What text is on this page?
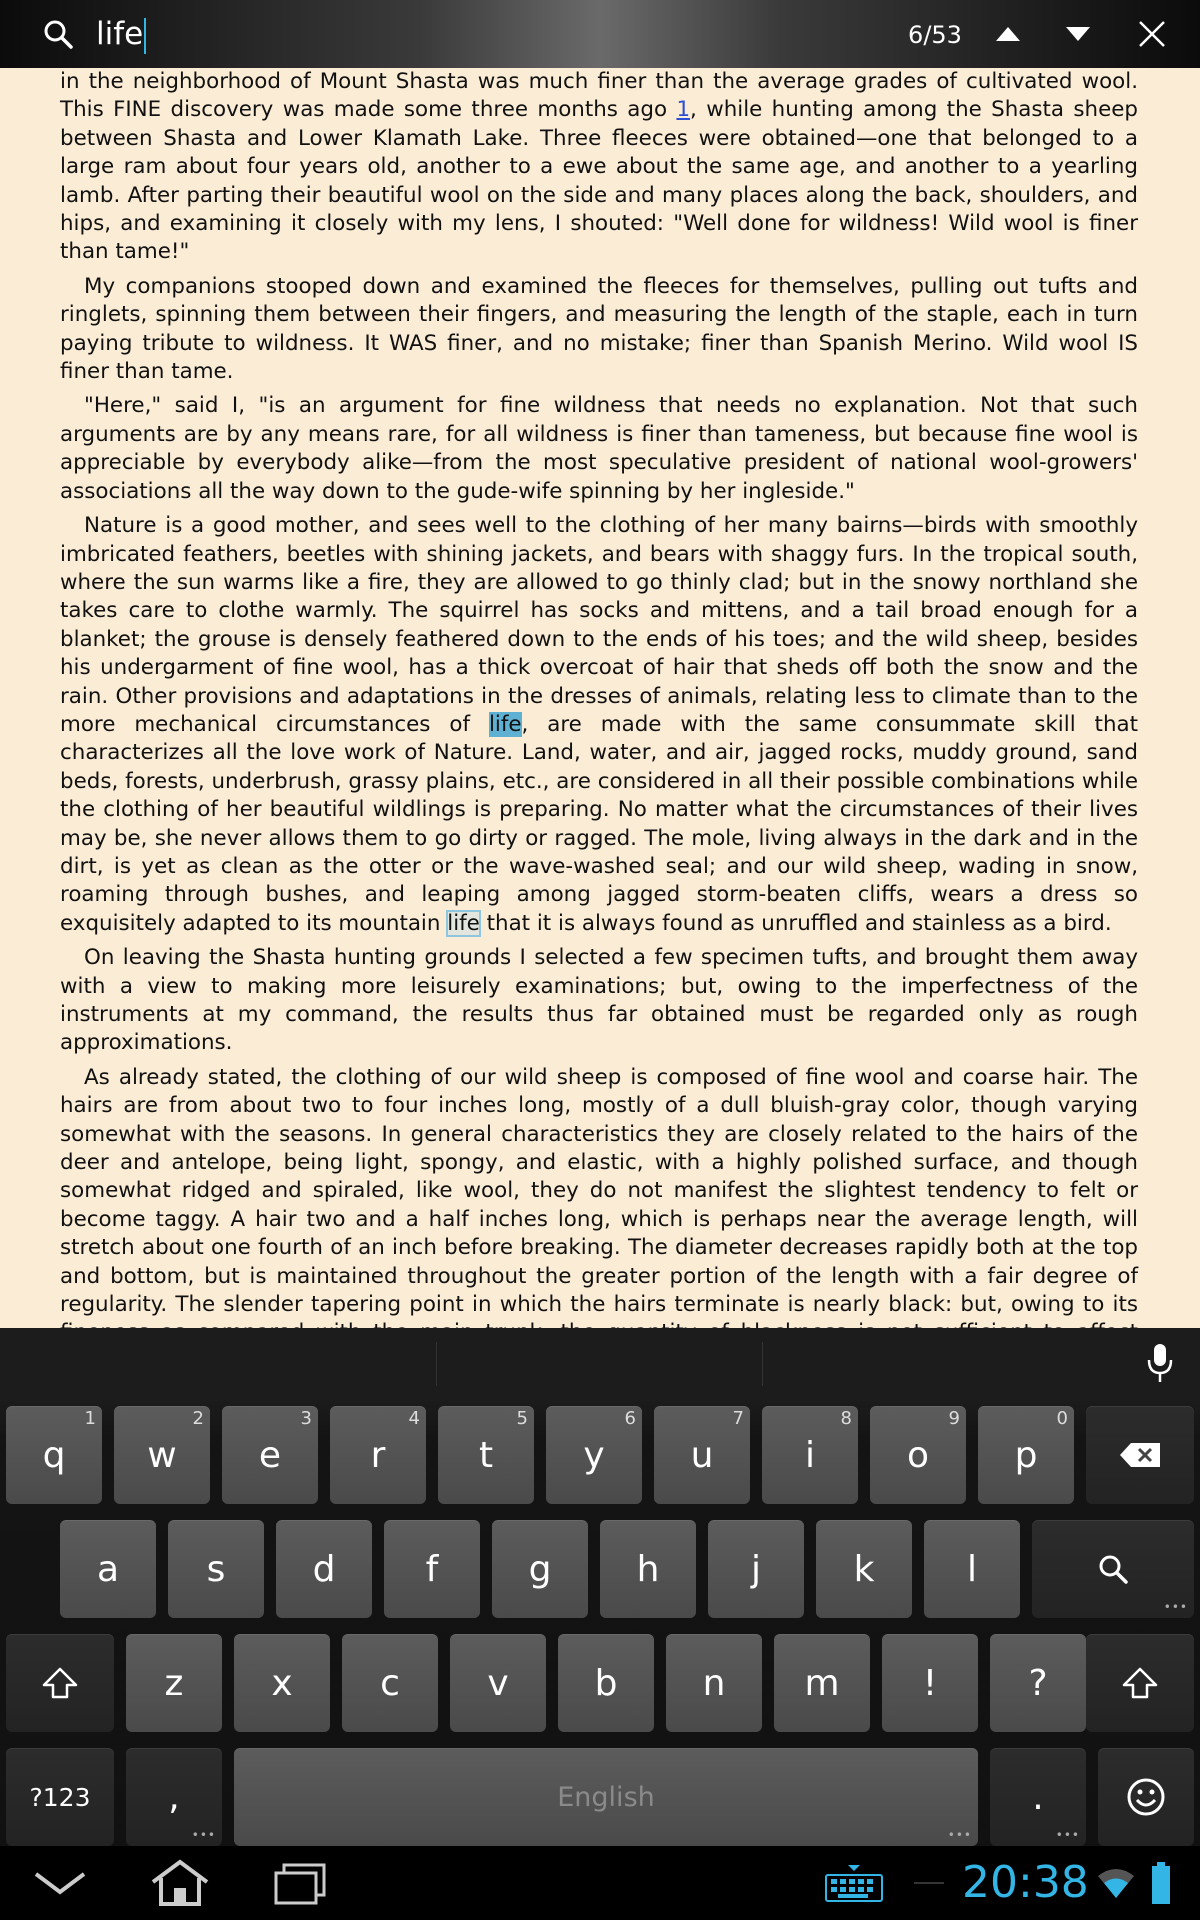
life	6/53

in the neighborhood of Mount Shasta was much finer than the average grades of cultivated wool. This FINE discovery was made some three months ago 1, while hunting among the Shasta sheep between Shasta and Lower Klamath Lake. Three fleeces were obtained—one that belonged to a large ram about four years old, another to a ewe about the same age, and another to a yearling lamb. After parting their beautiful wool on the side and many places along the back, shoulders, and hips, and examining it closely with my lens, I shouted: "Well done for wildness! Wild wool is finer than tame!"

My companions stooped down and examined the fleeces for themselves, pulling out tufts and ringlets, spinning them between their fingers, and measuring the length of the staple, each in turn paying tribute to wildness. It WAS finer, and no mistake; finer than Spanish Merino. Wild wool IS finer than tame.

"Here," said I, "is an argument for fine wildness that needs no explanation. Not that such arguments are by any means rare, for all wildness is finer than tameness, but because fine wool is appreciable by everybody alike—from the most speculative president of national wool-growers' associations all the way down to the gude-wife spinning by her ingleside."

Nature is a good mother, and sees well to the clothing of her many bairns—birds with smoothly imbricated feathers, beetles with shining jackets, and bears with shaggy furs. In the tropical south, where the sun warms like a fire, they are allowed to go thinly clad; but in the snowy northland she takes care to clothe warmly. The squirrel has socks and mittens, and a tail broad enough for a blanket; the grouse is densely feathered down to the ends of his toes; and the wild sheep, besides his undergarment of fine wool, has a thick overcoat of hair that sheds off both the snow and the rain. Other provisions and adaptations in the dresses of animals, relating less to climate than to the more mechanical circumstances of life, are made with the same consummate skill that characterizes all the love work of Nature. Land, water, and air, jagged rocks, muddy ground, sand beds, forests, underbrush, grassy plains, etc., are considered in all their possible combinations while the clothing of her beautiful wildlings is preparing. No matter what the circumstances of their lives may be, she never allows them to go dirty or ragged. The mole, living always in the dark and in the dirt, is yet as clean as the otter or the wave-washed seal; and our wild sheep, wading in snow, roaming through bushes, and leaping among jagged storm-beaten cliffs, wears a dress so exquisitely adapted to its mountain life that it is always found as unruffled and stainless as a bird.

On leaving the Shasta hunting grounds I selected a few specimen tufts, and brought them away with a view to making more leisurely examinations; but, owing to the imperfectness of the instruments at my command, the results thus far obtained must be regarded only as rough approximations.

As already stated, the clothing of our wild sheep is composed of fine wool and coarse hair. The hairs are from about two to four inches long, mostly of a dull bluish-gray color, though varying somewhat with the seasons. In general characteristics they are closely related to the hairs of the deer and antelope, being light, spongy, and elastic, with a highly polished surface, and though somewhat ridged and spiraled, like wool, they do not manifest the slightest tendency to felt or become taggy. A hair two and a half inches long, which is perhaps near the average length, will stretch about one fourth of an inch before breaking. The diameter decreases rapidly both at the top and bottom, but is maintained throughout the greater portion of the length with a fair degree of regularity. The slender tapering point in which the hairs terminate is nearly black: but, owing to its

q
1
w
2
e
3
r
4
t
5
y
6
u
7
i
8
o
9
p
0
a s d	f	g h	j	k	l
•••
z x c v b n m !	?
?123 ,
•••
English
•••
.
•••
20:38
